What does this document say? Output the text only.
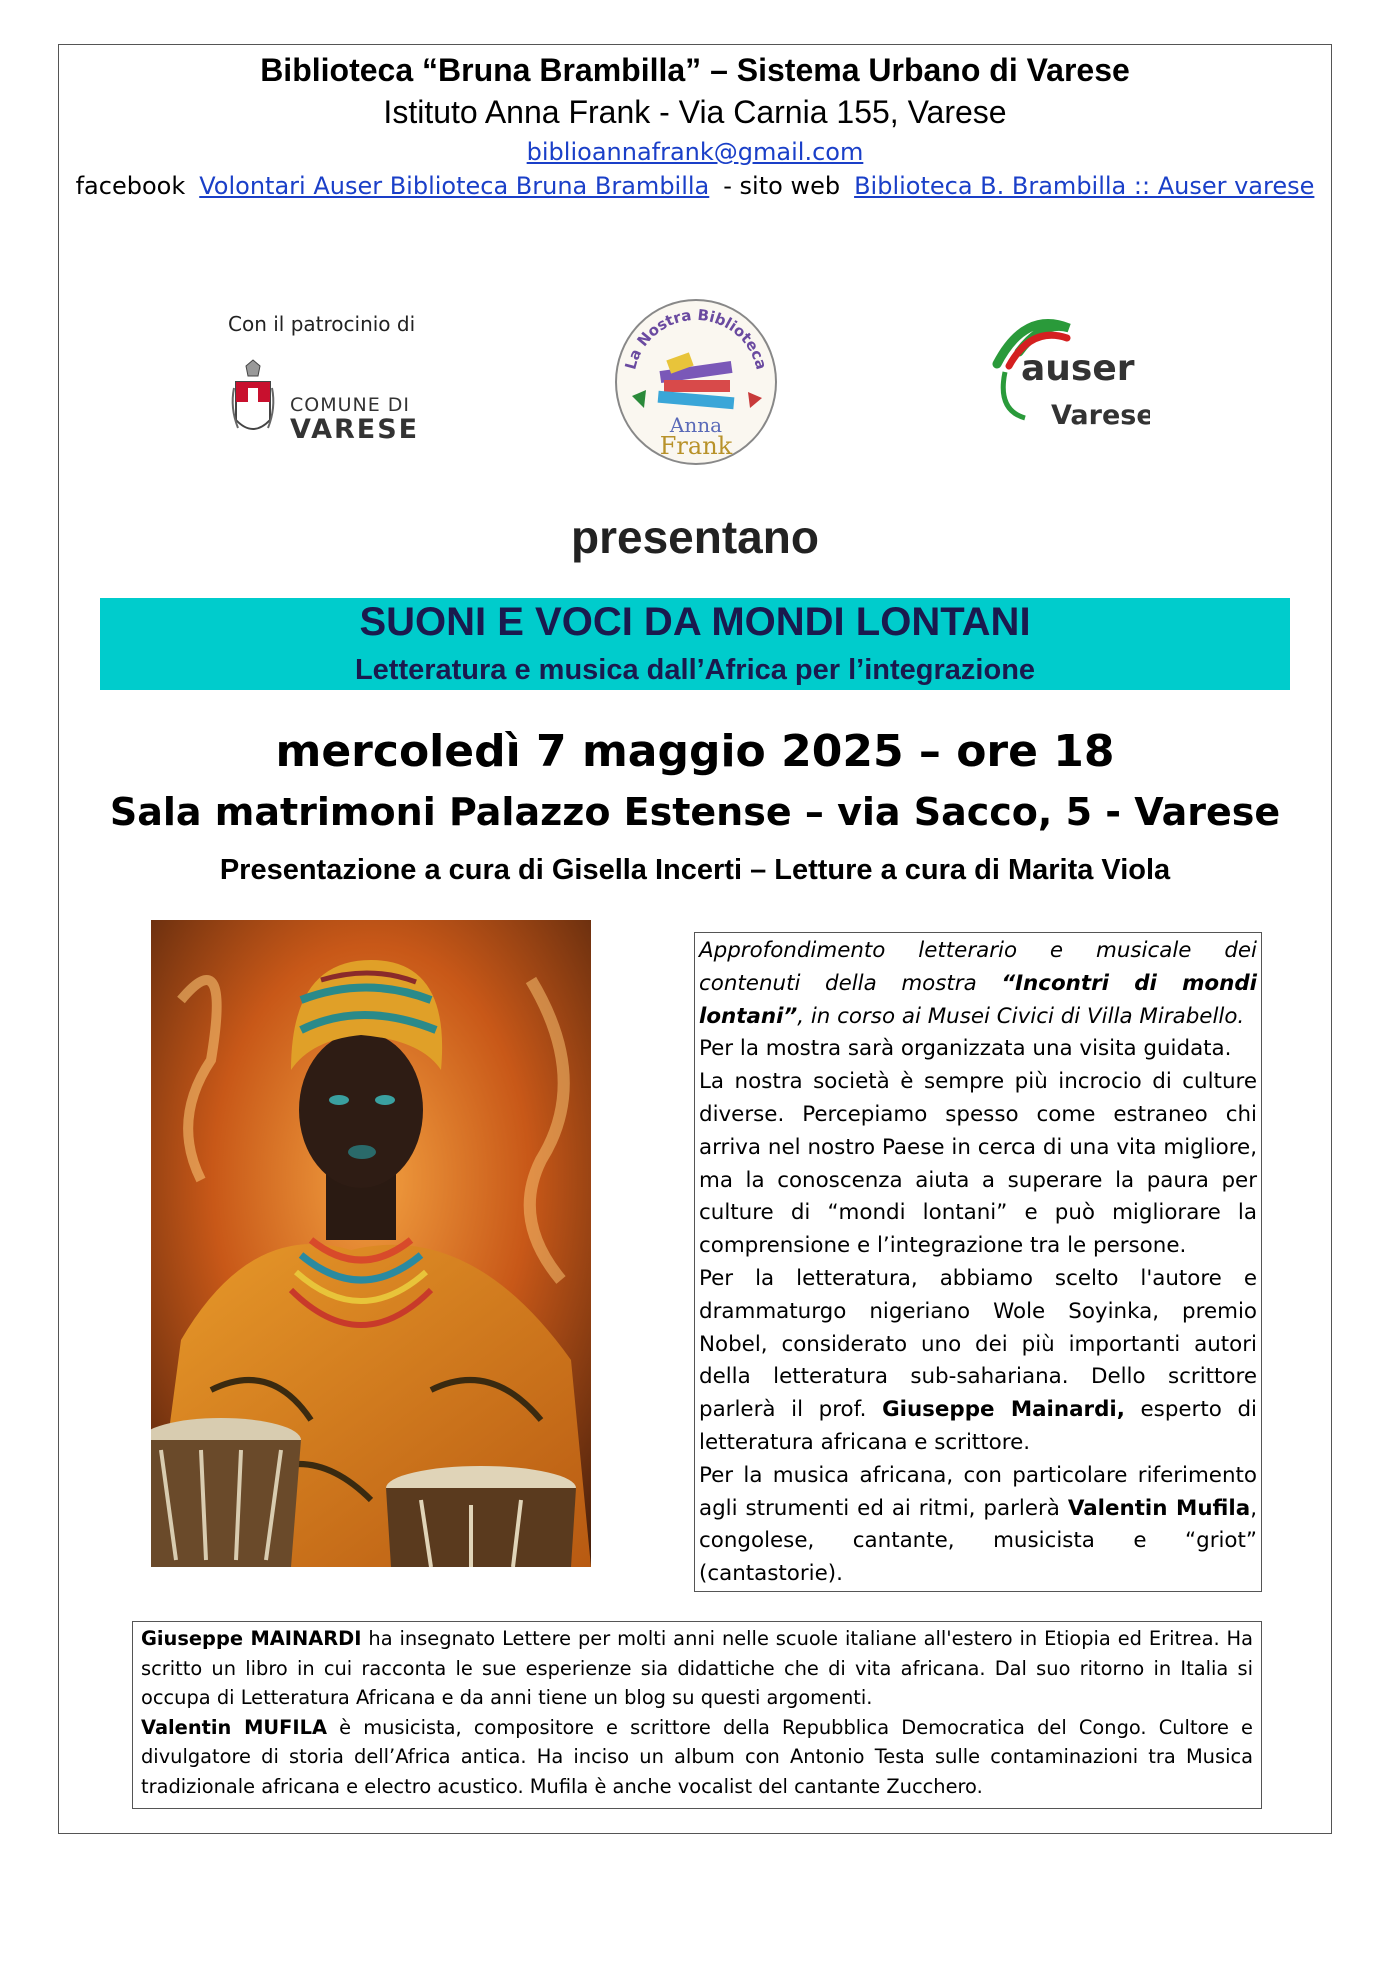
Biblioteca “Bruna Brambilla” – Sistema Urbano di Varese
Istituto Anna Frank - Via Carnia 155, Varese
biblioannafrank@gmail.com
facebook Volontari Auser Biblioteca Bruna Brambilla - sito web Biblioteca B. Brambilla :: Auser varese
Con il patrocinio di
COMUNE DI
VARESE
La Nostra Biblioteca
Anna
Frank
auser
Varese
presentano
SUONI E VOCI DA MONDI LONTANI
Letteratura e musica dall’Africa per l’integrazione
mercoledì 7 maggio 2025 – ore 18
Sala matrimoni Palazzo Estense – via Sacco, 5 - Varese
Presentazione a cura di Gisella Incerti – Letture a cura di Marita Viola

Approfondimento letterario e musicale dei contenuti della mostra “Incontri di mondi lontani”, in corso ai Musei Civici di Villa Mirabello.

Per la mostra sarà organizzata una visita guidata.

La nostra società è sempre più incrocio di culture diverse. Percepiamo spesso come estraneo chi arriva nel nostro Paese in cerca di una vita migliore, ma la conoscenza aiuta a superare la paura per culture di “mondi lontani” e può migliorare la comprensione e l’integrazione tra le persone.

Per la letteratura, abbiamo scelto l'autore e drammaturgo nigeriano Wole Soyinka, premio Nobel, considerato uno dei più importanti autori della letteratura sub-sahariana. Dello scrittore parlerà il prof. Giuseppe Mainardi, esperto di letteratura africana e scrittore.

Per la musica africana, con particolare riferimento agli strumenti ed ai ritmi, parlerà Valentin Mufila, congolese, cantante, musicista e “griot” (cantastorie).

Giuseppe MAINARDI ha insegnato Lettere per molti anni nelle scuole italiane all'estero in Etiopia ed Eritrea. Ha scritto un libro in cui racconta le sue esperienze sia didattiche che di vita africana. Dal suo ritorno in Italia si occupa di Letteratura Africana e da anni tiene un blog su questi argomenti.

Valentin MUFILA è musicista, compositore e scrittore della Repubblica Democratica del Congo. Cultore e divulgatore di storia dell’Africa antica. Ha inciso un album con Antonio Testa sulle contaminazioni tra Musica tradizionale africana e electro acustico. Mufila è anche vocalist del cantante Zucchero.
